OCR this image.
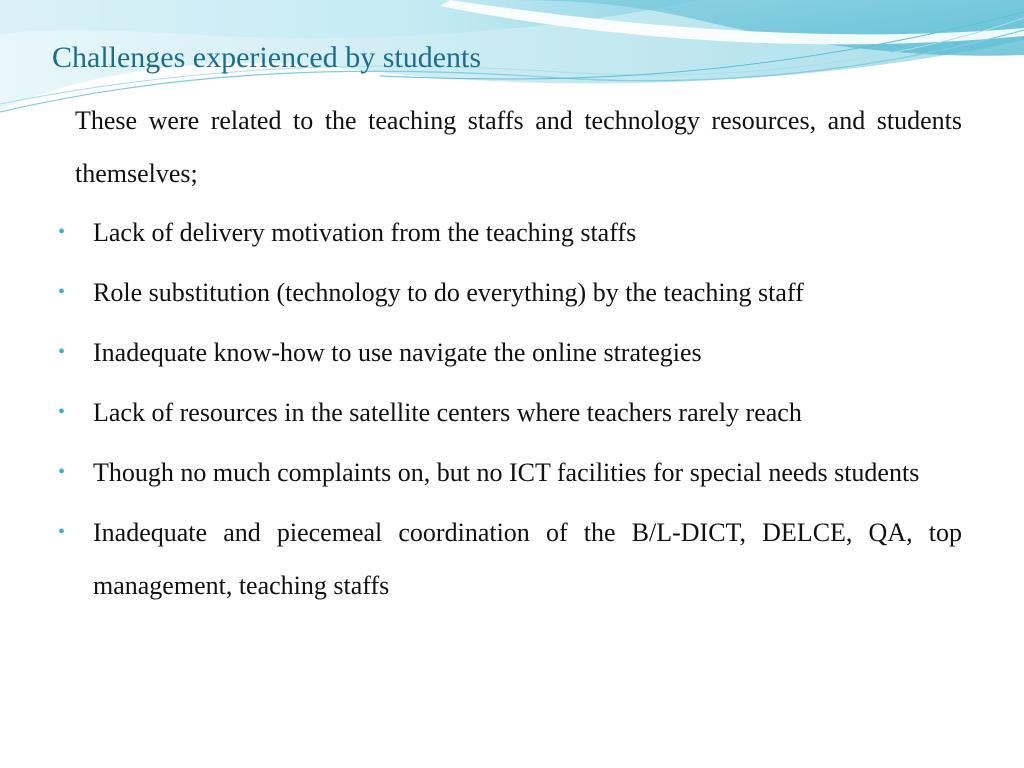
Challenges experienced by students

These were related to the teaching staffs and technology resources, and students themselves;

• Lack of delivery motivation from the teaching staffs
• Role substitution (technology to do everything) by the teaching staff
• Inadequate know-how to use navigate the online strategies
• Lack of resources in the satellite centers where teachers rarely reach
• Though no much complaints on, but no ICT facilities for special needs students
• Inadequate and piecemeal coordination of the B/L-DICT, DELCE, QA, top management, teaching staffs
